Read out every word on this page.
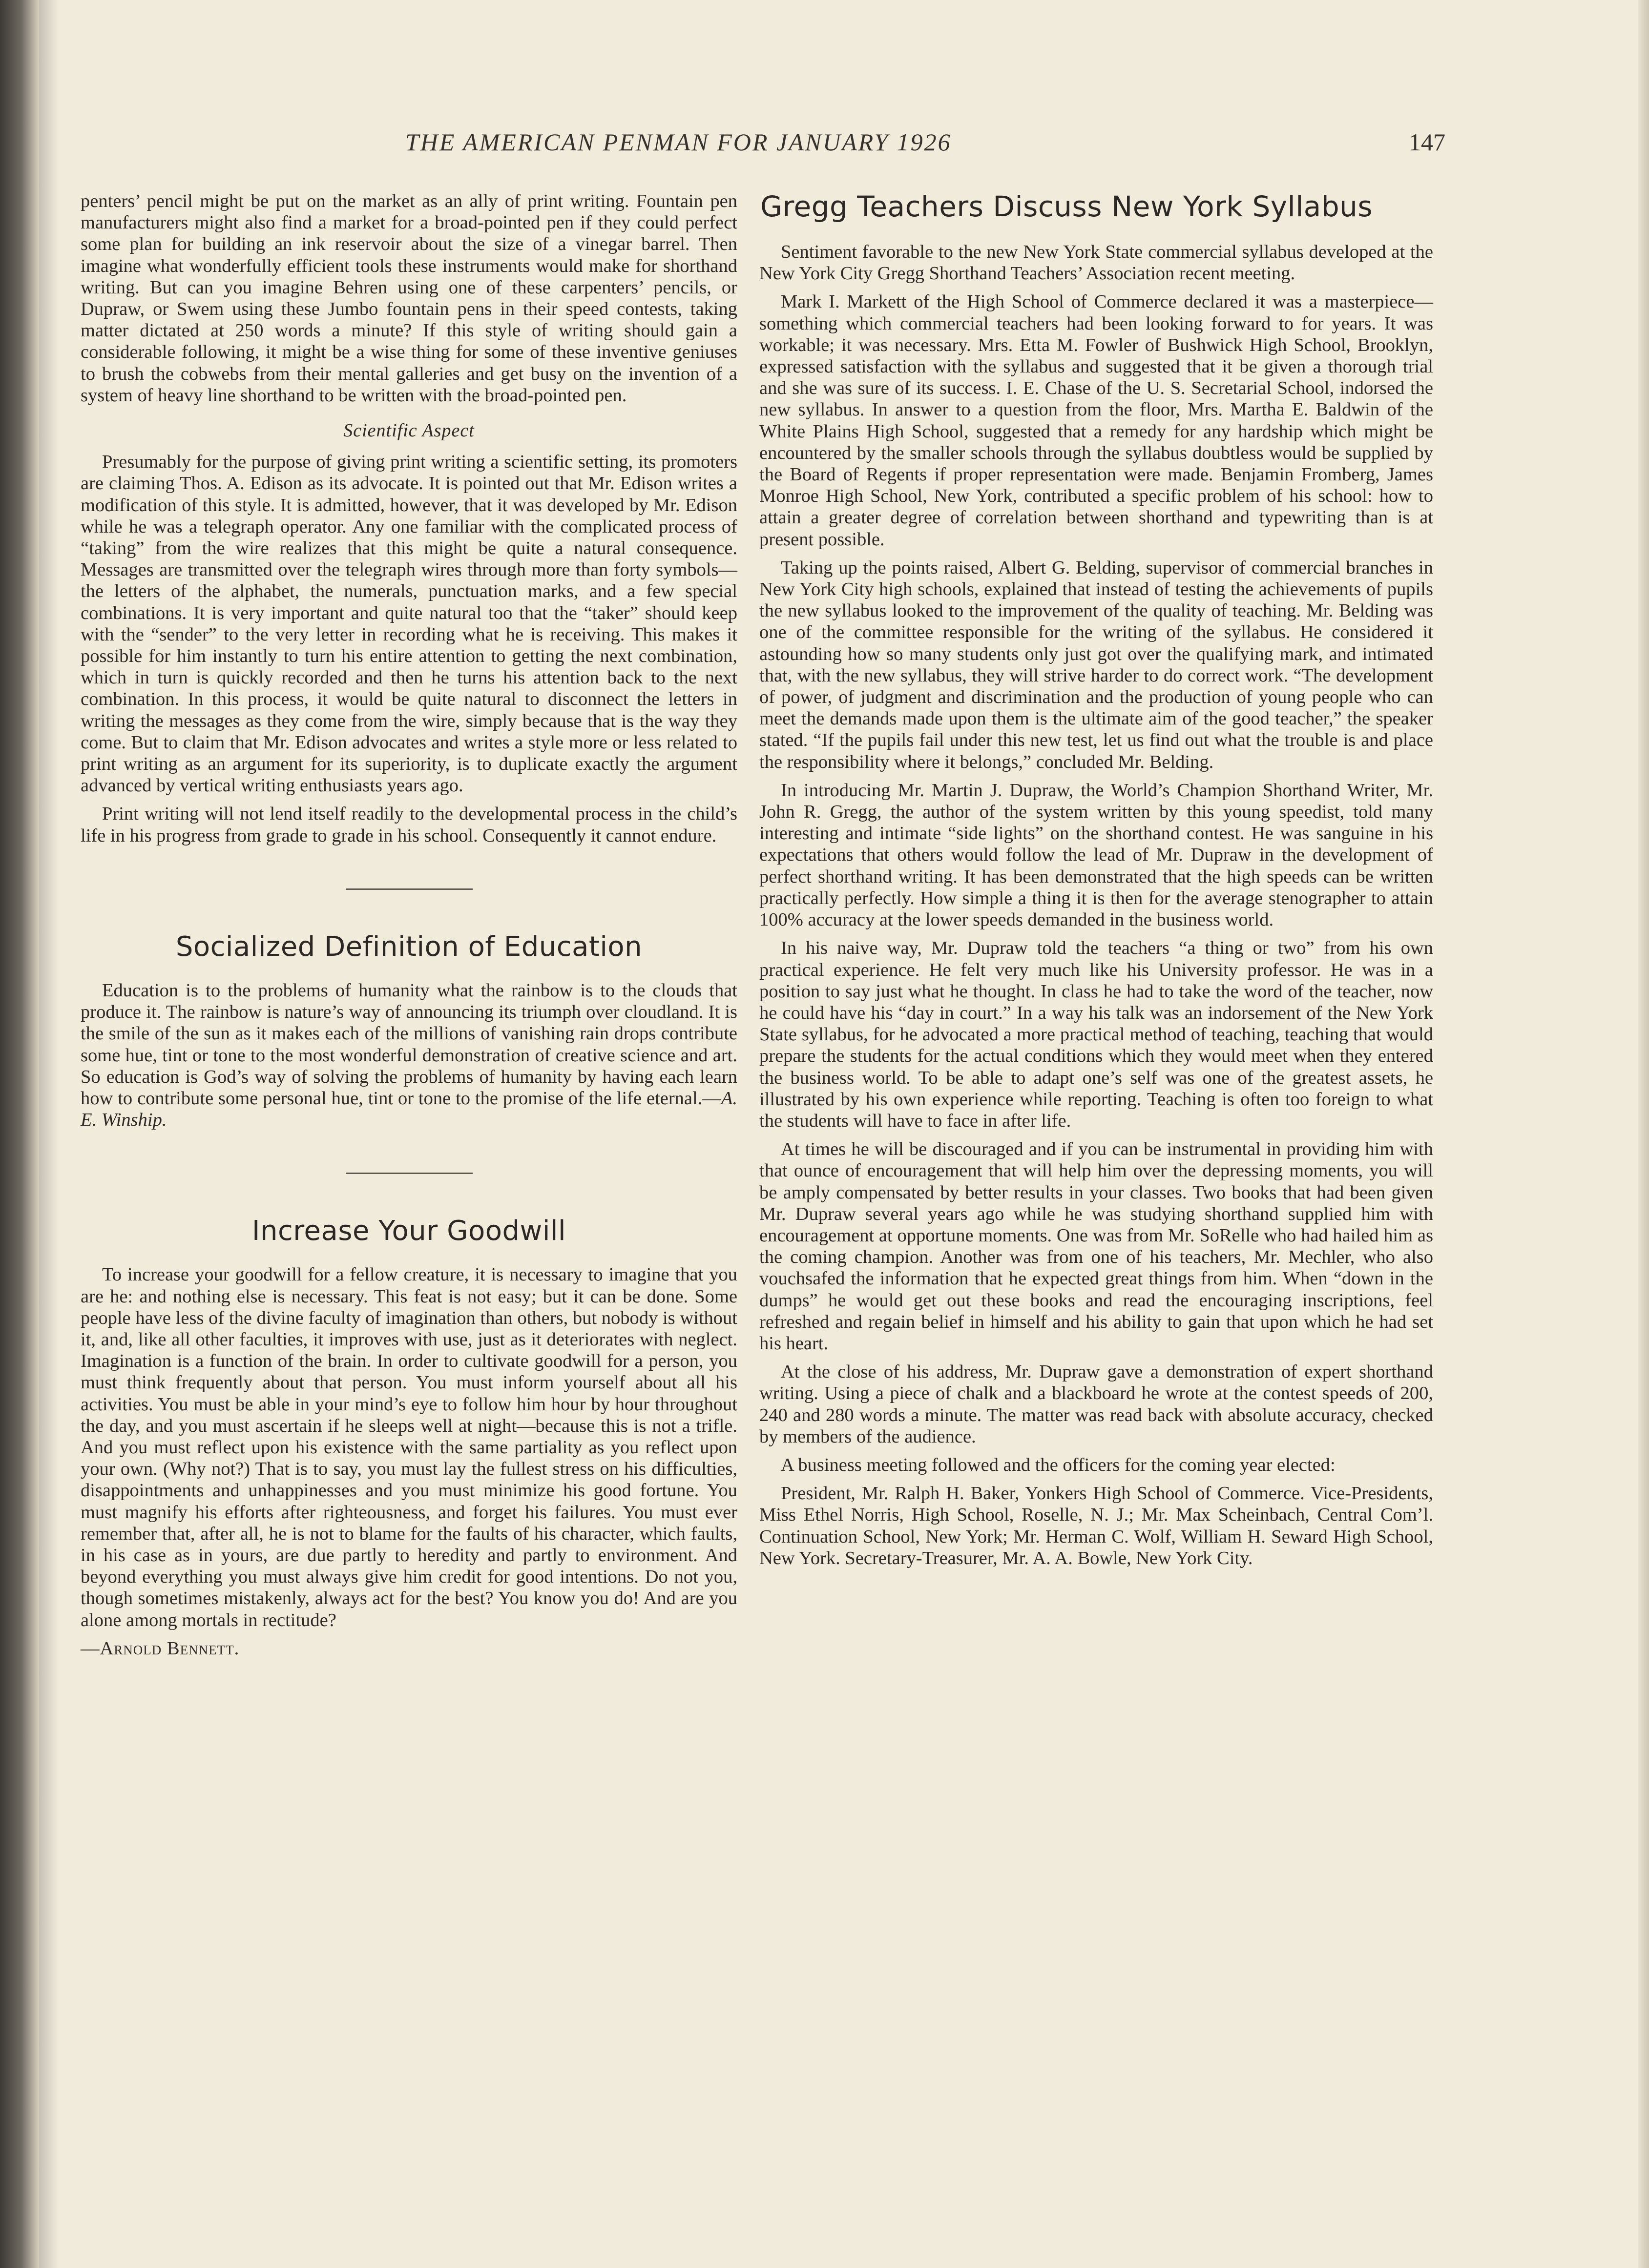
THE AMERICAN PENMAN FOR JANUARY 1926	147

penters’ pencil might be put on the market as an ally of print writing. Fountain pen manufacturers might also find a market for a broad-pointed pen if they could perfect some plan for building an ink reservoir about the size of a vinegar barrel. Then imagine what wonderfully efficient tools these instruments would make for shorthand writing. But can you imagine Behren using one of these carpenters’ pencils, or Dupraw, or Swem using these Jumbo fountain pens in their speed contests, taking matter dictated at 250 words a minute? If this style of writing should gain a considerable following, it might be a wise thing for some of these inventive geniuses to brush the cobwebs from their mental galleries and get busy on the invention of a system of heavy line shorthand to be written with the broad-pointed pen.

Scientific Aspect

Presumably for the purpose of giving print writing a scientific setting, its promoters are claiming Thos. A. Edison as its advocate. It is pointed out that Mr. Edison writes a modification of this style. It is admitted, however, that it was developed by Mr. Edison while he was a telegraph operator. Any one familiar with the complicated process of “taking” from the wire realizes that this might be quite a natural consequence. Messages are transmitted over the telegraph wires through more than forty symbols—the letters of the alphabet, the numerals, punctuation marks, and a few special combinations. It is very important and quite natural too that the “taker” should keep with the “sender” to the very letter in recording what he is receiving. This makes it possible for him instantly to turn his entire attention to getting the next combination, which in turn is quickly recorded and then he turns his attention back to the next combination. In this process, it would be quite natural to disconnect the letters in writing the messages as they come from the wire, simply because that is the way they come. But to claim that Mr. Edison advocates and writes a style more or less related to print writing as an argument for its superiority, is to duplicate exactly the argument advanced by vertical writing enthusiasts years ago.

Print writing will not lend itself readily to the developmental process in the child’s life in his progress from grade to grade in his school. Consequently it cannot endure.

Socialized Definition of Education

Education is to the problems of humanity what the rainbow is to the clouds that produce it. The rainbow is nature’s way of announcing its triumph over cloudland. It is the smile of the sun as it makes each of the millions of vanishing rain drops contribute some hue, tint or tone to the most wonderful demonstration of creative science and art. So education is God’s way of solving the problems of humanity by having each learn how to contribute some personal hue, tint or tone to the promise of the life eternal.—A. E. Winship.

Increase Your Goodwill

To increase your goodwill for a fellow creature, it is necessary to imagine that you are he: and nothing else is necessary. This feat is not easy; but it can be done. Some people have less of the divine faculty of imagination than others, but nobody is without it, and, like all other faculties, it improves with use, just as it deteriorates with neglect. Imagination is a function of the brain. In order to cultivate goodwill for a person, you must think frequently about that person. You must inform yourself about all his activities. You must be able in your mind’s eye to follow him hour by hour throughout the day, and you must ascertain if he sleeps well at night—because this is not a trifle. And you must reflect upon his existence with the same partiality as you reflect upon your own. (Why not?) That is to say, you must lay the fullest stress on his difficulties, disappointments and unhappinesses and you must minimize his good fortune. You must magnify his efforts after righteousness, and forget his failures. You must ever remember that, after all, he is not to blame for the faults of his character, which faults, in his case as in yours, are due partly to heredity and partly to environment. And beyond everything you must always give him credit for good intentions. Do not you, though sometimes mistakenly, always act for the best? You know you do! And are you alone among mortals in rectitude?

—Arnold Bennett.

Gregg Teachers Discuss New York Syllabus

Sentiment favorable to the new New York State commercial syllabus developed at the New York City Gregg Shorthand Teachers’ Association recent meeting.

Mark I. Markett of the High School of Commerce declared it was a masterpiece—something which commercial teachers had been looking forward to for years. It was workable; it was necessary. Mrs. Etta M. Fowler of Bushwick High School, Brooklyn, expressed satisfaction with the syllabus and suggested that it be given a thorough trial and she was sure of its success. I. E. Chase of the U. S. Secretarial School, indorsed the new syllabus. In answer to a question from the floor, Mrs. Martha E. Baldwin of the White Plains High School, suggested that a remedy for any hardship which might be encountered by the smaller schools through the syllabus doubtless would be supplied by the Board of Regents if proper representation were made. Benjamin Fromberg, James Monroe High School, New York, contributed a specific problem of his school: how to attain a greater degree of correlation between shorthand and typewriting than is at present possible.

Taking up the points raised, Albert G. Belding, supervisor of commercial branches in New York City high schools, explained that instead of testing the achievements of pupils the new syllabus looked to the improvement of the quality of teaching. Mr. Belding was one of the committee responsible for the writing of the syllabus. He considered it astounding how so many students only just got over the qualifying mark, and intimated that, with the new syllabus, they will strive harder to do correct work. “The development of power, of judgment and discrimination and the production of young people who can meet the demands made upon them is the ultimate aim of the good teacher,” the speaker stated. “If the pupils fail under this new test, let us find out what the trouble is and place the responsibility where it belongs,” concluded Mr. Belding.

In introducing Mr. Martin J. Dupraw, the World’s Champion Shorthand Writer, Mr. John R. Gregg, the author of the system written by this young speedist, told many interesting and intimate “side lights” on the shorthand contest. He was sanguine in his expectations that others would follow the lead of Mr. Dupraw in the development of perfect shorthand writing. It has been demonstrated that the high speeds can be written practically perfectly. How simple a thing it is then for the average stenographer to attain 100% accuracy at the lower speeds demanded in the business world.

In his naive way, Mr. Dupraw told the teachers “a thing or two” from his own practical experience. He felt very much like his University professor. He was in a position to say just what he thought. In class he had to take the word of the teacher, now he could have his “day in court.” In a way his talk was an indorsement of the New York State syllabus, for he advocated a more practical method of teaching, teaching that would prepare the students for the actual conditions which they would meet when they entered the business world. To be able to adapt one’s self was one of the greatest assets, he illustrated by his own experience while reporting. Teaching is often too foreign to what the students will have to face in after life.

At times he will be discouraged and if you can be instrumental in providing him with that ounce of encouragement that will help him over the depressing moments, you will be amply compensated by better results in your classes. Two books that had been given Mr. Dupraw several years ago while he was studying shorthand supplied him with encouragement at opportune moments. One was from Mr. SoRelle who had hailed him as the coming champion. Another was from one of his teachers, Mr. Mechler, who also vouchsafed the information that he expected great things from him. When “down in the dumps” he would get out these books and read the encouraging inscriptions, feel refreshed and regain belief in himself and his ability to gain that upon which he had set his heart.

At the close of his address, Mr. Dupraw gave a demonstration of expert shorthand writing. Using a piece of chalk and a blackboard he wrote at the contest speeds of 200, 240 and 280 words a minute. The matter was read back with absolute accuracy, checked by members of the audience.

A business meeting followed and the officers for the coming year elected:

President, Mr. Ralph H. Baker, Yonkers High School of Commerce. Vice-Presidents, Miss Ethel Norris, High School, Roselle, N. J.; Mr. Max Scheinbach, Central Com’l. Continuation School, New York; Mr. Herman C. Wolf, William H. Seward High School, New York. Secretary-Treasurer, Mr. A. A. Bowle, New York City.
